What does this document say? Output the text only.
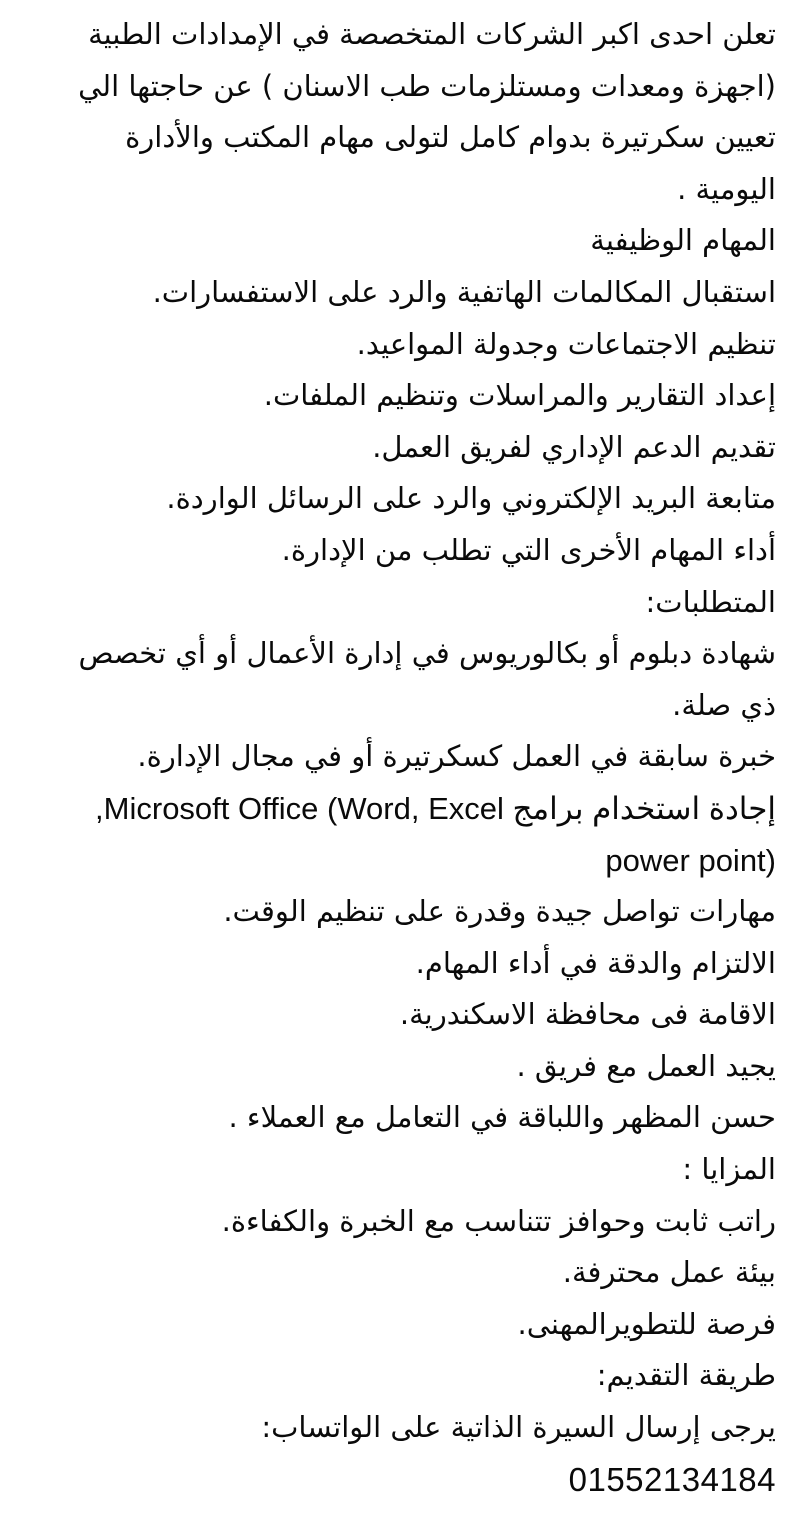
تعلن احدى اكبر الشركات المتخصصة في الإمدادات الطبية
(اجهزة ومعدات ومستلزمات طب الاسنان ) عن حاجتها الي
تعيين سكرتيرة بدوام كامل لتولى مهام المكتب والأدارة
اليومية .
المهام الوظيفية
استقبال المكالمات الهاتفية والرد على الاستفسارات.
تنظيم الاجتماعات وجدولة المواعيد.
إعداد التقارير والمراسلات وتنظيم الملفات.
تقديم الدعم الإداري لفريق العمل.
متابعة البريد الإلكتروني والرد على الرسائل الواردة.
أداء المهام الأخرى التي تطلب من الإدارة.
المتطلبات:
شهادة دبلوم أو بكالوريوس في إدارة الأعمال أو أي تخصص
ذي صلة.
خبرة سابقة في العمل كسكرتيرة أو في مجال الإدارة.
إجادة استخدام برامج Microsoft Office (Word, Excel,
power point)
مهارات تواصل جيدة وقدرة على تنظيم الوقت.
الالتزام والدقة في أداء المهام.
الاقامة فى محافظة الاسكندرية.
يجيد العمل مع فريق .
حسن المظهر واللباقة في التعامل مع العملاء .
المزايا :
راتب ثابت وحوافز تتناسب مع الخبرة والكفاءة.
بيئة عمل محترفة.
فرصة للتطويرالمهنى.
طريقة التقديم:
يرجى إرسال السيرة الذاتية على الواتساب:
01552134184
